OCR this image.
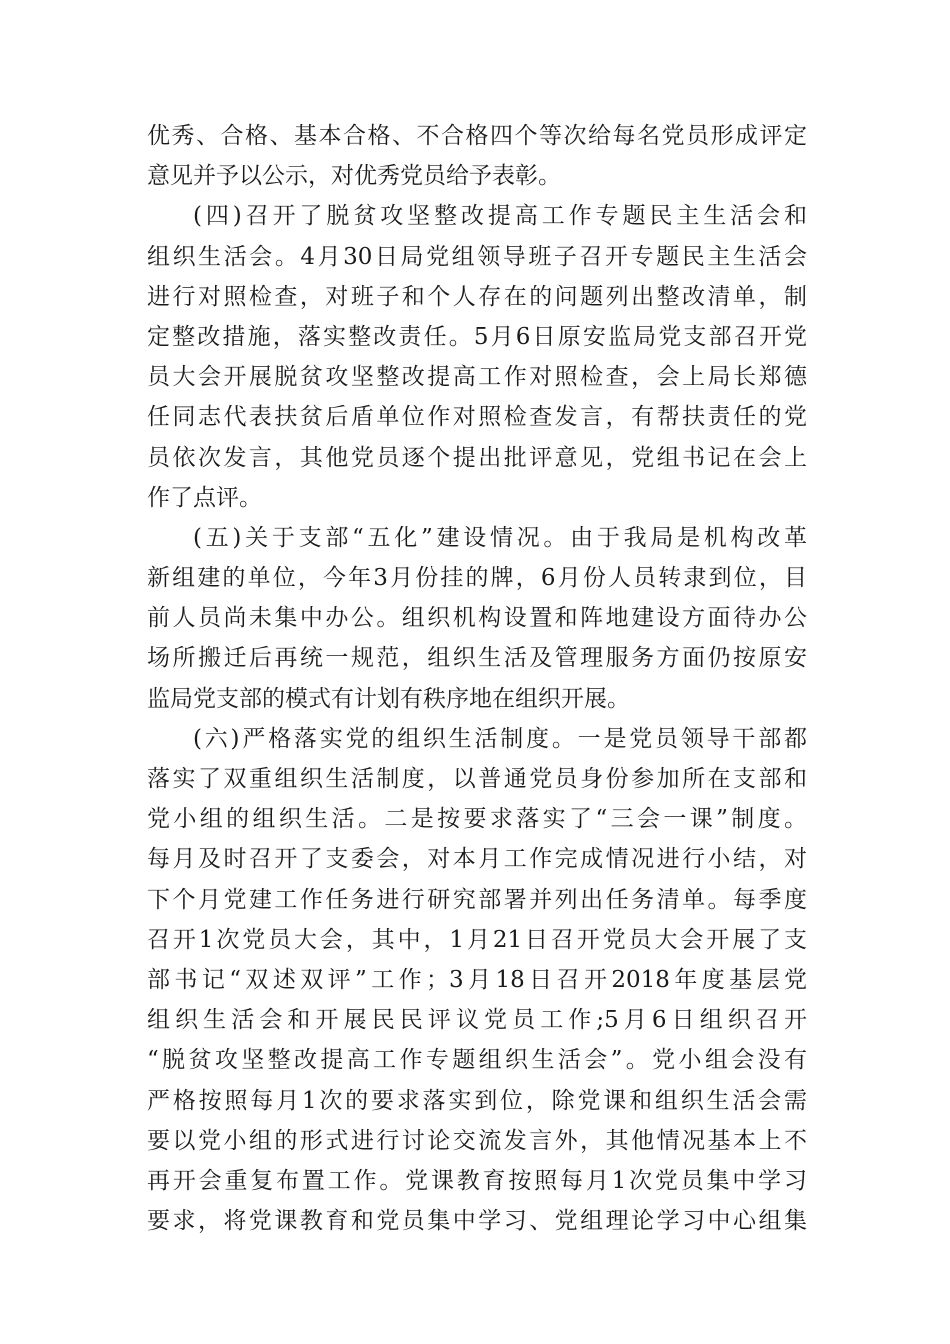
优秀、合格、基本合格、不合格四个等次给每名党员形成评定
意见并予以公示，对优秀党员给予表彰。
(四)召开了脱贫攻坚整改提高工作专题民主生活会和
组织生活会。4月30日局党组领导班子召开专题民主生活会
进行对照检查，对班子和个人存在的问题列出整改清单，制
定整改措施，落实整改责任。5月6日原安监局党支部召开党
员大会开展脱贫攻坚整改提高工作对照检查，会上局长郑德
任同志代表扶贫后盾单位作对照检查发言，有帮扶责任的党
员依次发言，其他党员逐个提出批评意见，党组书记在会上
作了点评。
(五)关于支部“五化”建设情况。由于我局是机构改革
新组建的单位，今年3月份挂的牌，6月份人员转隶到位，目
前人员尚未集中办公。组织机构设置和阵地建设方面待办公
场所搬迁后再统一规范，组织生活及管理服务方面仍按原安
监局党支部的模式有计划有秩序地在组织开展。
(六)严格落实党的组织生活制度。一是党员领导干部都
落实了双重组织生活制度，以普通党员身份参加所在支部和
党小组的组织生活。二是按要求落实了“三会一课”制度。
每月及时召开了支委会，对本月工作完成情况进行小结，对
下个月党建工作任务进行研究部署并列出任务清单。每季度
召开1次党员大会，其中，1月21日召开党员大会开展了支
部书记“双述双评”工作；3月18日召开2018年度基层党
组织生活会和开展民民评议党员工作;5月6日组织召开
“脱贫攻坚整改提高工作专题组织生活会”。党小组会没有
严格按照每月1次的要求落实到位，除党课和组织生活会需
要以党小组的形式进行讨论交流发言外，其他情况基本上不
再开会重复布置工作。党课教育按照每月1次党员集中学习
要求，将党课教育和党员集中学习、党组理论学习中心组集
